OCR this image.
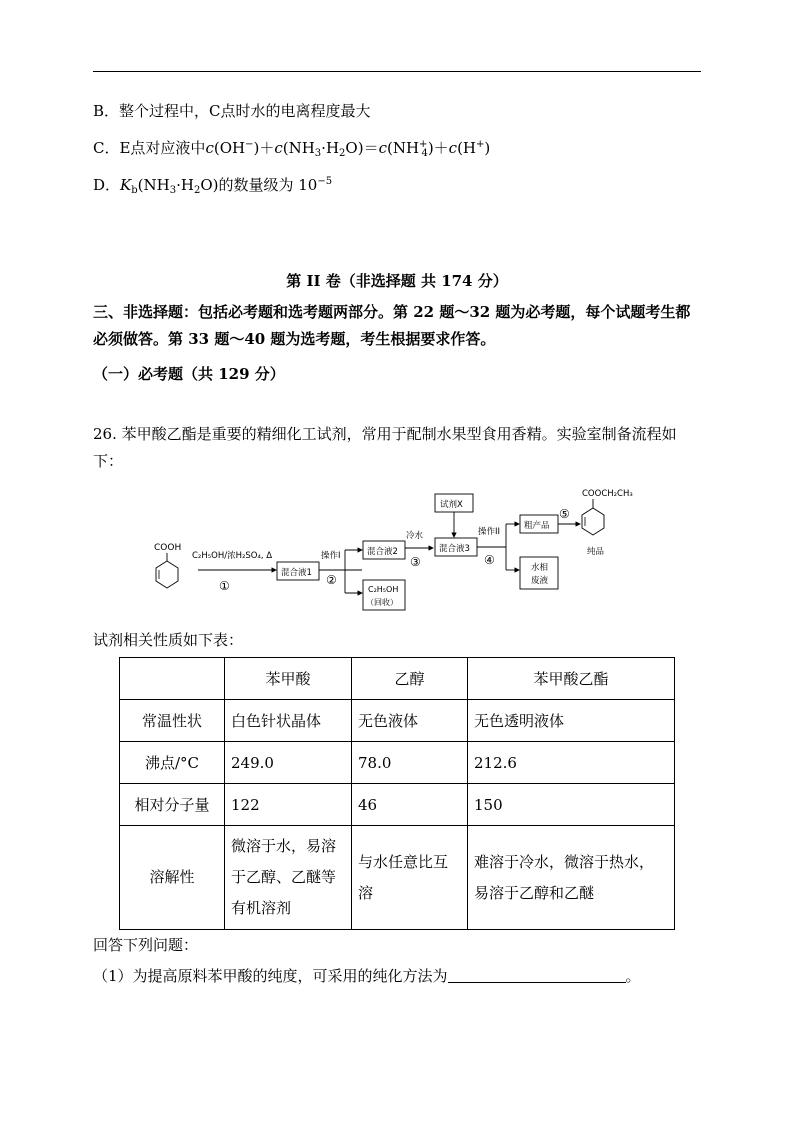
B．整个过程中，C点时水的电离程度最大
C．E点对应液中$c(OH^-)+c(NH_3\cdot H_2O)=c(NH^+_4)+c(H^+)$
D．$K_b(NH_3\cdot H_2O)$的数量级为 $10^{-5}$
第 II 卷（非选择题 共 174 分）
三、非选择题：包括必考题和选考题两部分。第 22 题～32 题为必考题，每个试题考生都必须做答。第 33 题～40 题为选考题，考生根据要求作答。
（一）必考题（共 129 分）
26. 苯甲酸乙酯是重要的精细化工试剂，常用于配制水果型食用香精。实验室制备流程如下：
COOH
C₂H₅OH/浓H₂SO₄, Δ
①
混合液1
操作I
②
混合液2
C₂H₅OH
（回收）
冷水
③
试剂X
混合液3
操作II
④
粗产品
水相
废液
⑤
COOCH₂CH₃
纯品
试剂相关性质如下表：
	苯甲酸	乙醇	苯甲酸乙酯
常温性状	白色针状晶体	无色液体	无色透明液体
沸点/°C	249.0	78.0	212.6
相对分子量	122	46	150
溶解性	微溶于水，易溶于乙醇、乙醚等有机溶剂	与水任意比互溶	难溶于冷水，微溶于热水，易溶于乙醇和乙醚
回答下列问题：
（1）为提高原料苯甲酸的纯度，可采用的纯化方法为	。
